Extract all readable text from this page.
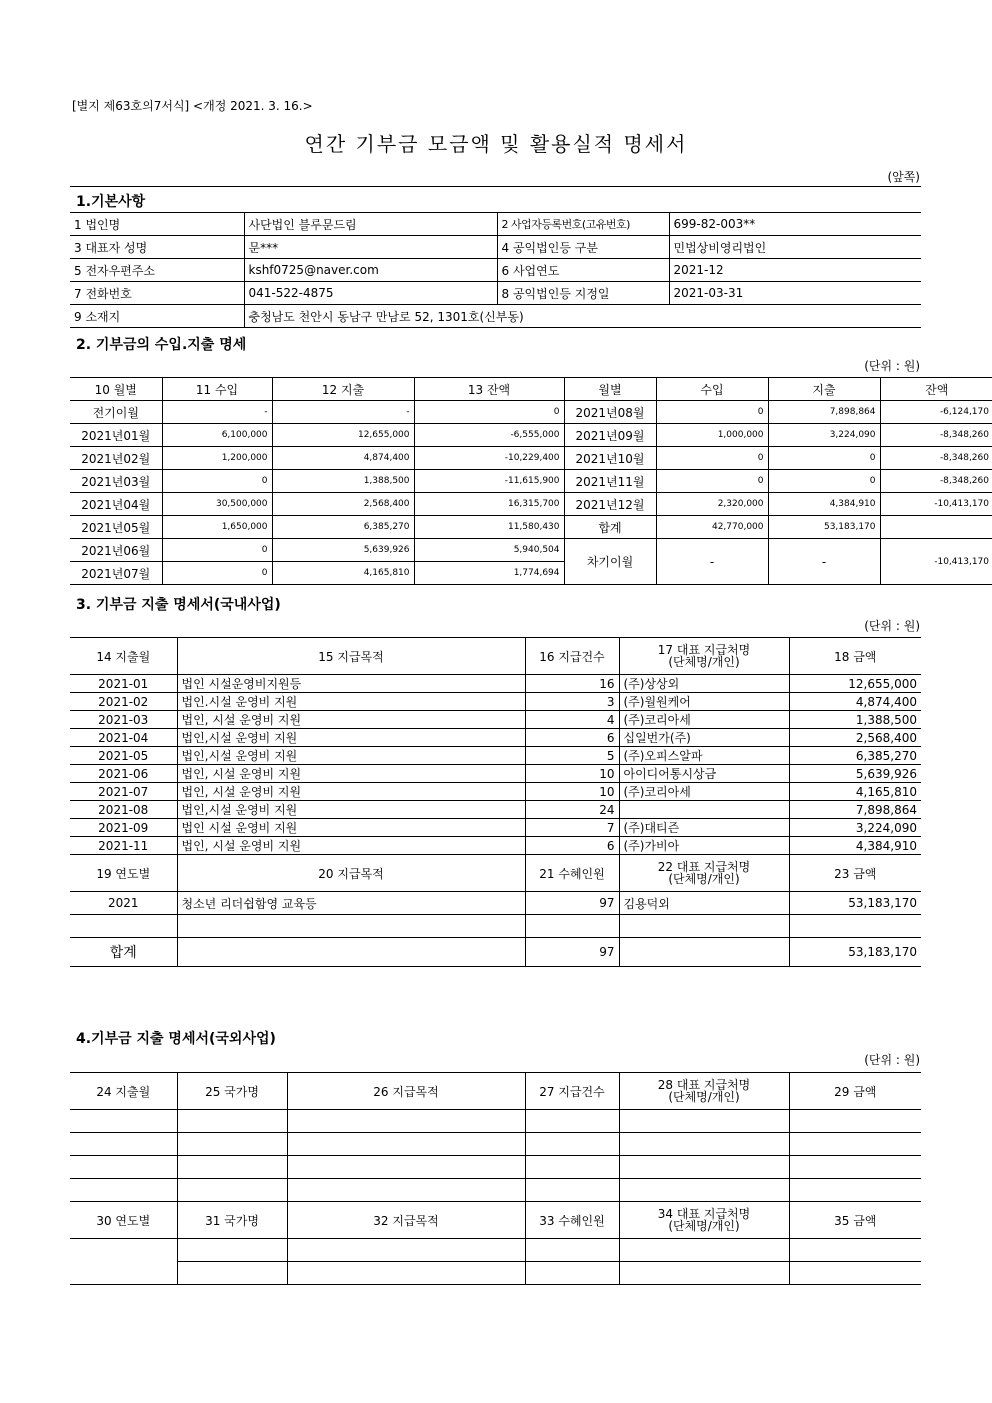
[별지 제63호의7서식] <개정 2021. 3. 16.>
연간 기부금 모금액 및 활용실적 명세서
(앞쪽)
1.기본사항
1 법인명	사단법인 블루문드림	2 사업자등록번호(고유번호)	699-82-003**
3 대표자 성명	문***	4 공익법인등 구분	민법상비영리법인
5 전자우편주소	kshf0725@naver.com	6 사업연도	2021-12
7 전화번호	041-522-4875	8 공익법인등 지정일	2021-03-31
9 소재지	충청남도 천안시 동남구 만남로 52, 1301호(신부동)		
2. 기부금의 수입.지출 명세
(단위 : 원)
10 월별	11 수입	12 지출	13 잔액	월별	수입	지출	잔액
전기이월	-	-	0	2021년08월	0	7,898,864	-6,124,170
2021년01월	6,100,000	12,655,000	-6,555,000	2021년09월	1,000,000	3,224,090	-8,348,260
2021년02월	1,200,000	4,874,400	-10,229,400	2021년10월	0	0	-8,348,260
2021년03월	0	1,388,500	-11,615,900	2021년11월	0	0	-8,348,260
2021년04월	30,500,000	2,568,400	16,315,700	2021년12월	2,320,000	4,384,910	-10,413,170
2021년05월	1,650,000	6,385,270	11,580,430	합계	42,770,000	53,183,170	
2021년06월	0	5,639,926	5,940,504	차기이월	-	-	-10,413,170
2021년07월	0	4,165,810	1,774,694				
3. 기부금 지출 명세서(국내사업)
(단위 : 원)
14 지출월	15 지급목적	16 지급건수	17 대표 지급처명
(단체명/개인)	18 금액
2021-01	법인 시설운영비지원등	16	(주)상상외	12,655,000
2021-02	법인.시설 운영비 지원	3	(주)월원케어	4,874,400
2021-03	법인, 시설 운영비 지원	4	(주)코리아세	1,388,500
2021-04	법인,시설 운영비 지원	6	십일번가(주)	2,568,400
2021-05	법인,시설 운영비 지원	5	(주)오피스알파	6,385,270
2021-06	법인, 시설 운영비 지원	10	아이디어통시상금	5,639,926
2021-07	법인, 시설 운영비 지원	10	(주)코리아세	4,165,810
2021-08	법인,시설 운영비 지원	24		7,898,864
2021-09	법인 시설 운영비 지원	7	(주)대티즌	3,224,090
2021-11	법인, 시설 운영비 지원	6	(주)가비아	4,384,910
19 연도별	20 지급목적	21 수혜인원	22 대표 지급처명
(단체명/개인)	23 금액
2021	청소년 리더쉽함영 교육등	97	김용덕외	53,183,170

합계		97		53,183,170
4.기부금 지출 명세서(국외사업)
(단위 : 원)
24 지출월	25 국가명	26 지급목적	27 지급건수	28 대표 지급처명
(단체명/개인)	29 금액

30 연도별	31 국가명	32 지급목적	33 수혜인원	34 대표 지급처명
(단체명/개인)	35 금액
